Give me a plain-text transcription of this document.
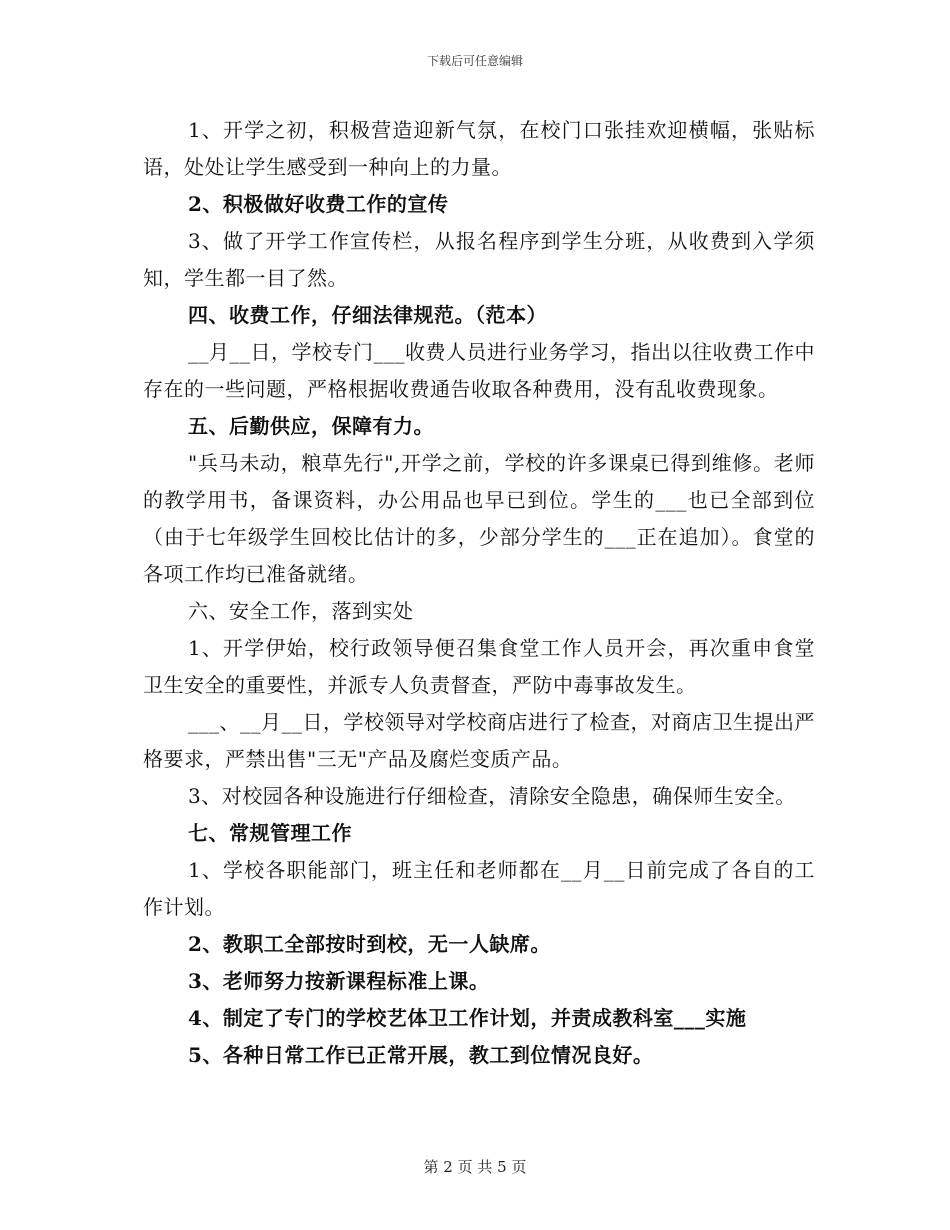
下载后可任意编辑

1、开学之初，积极营造迎新气氛，在校门口张挂欢迎横幅，张贴标语，处处让学生感受到一种向上的力量。

2、积极做好收费工作的宣传

3、做了开学工作宣传栏，从报名程序到学生分班，从收费到入学须知，学生都一目了然。

四、收费工作，仔细法律规范。（范本）

__月__日，学校专门___收费人员进行业务学习，指出以往收费工作中存在的一些问题，严格根据收费通告收取各种费用，没有乱收费现象。

五、后勤供应，保障有力。

"兵马未动，粮草先行",开学之前，学校的许多课桌已得到维修。老师的教学用书，备课资料，办公用品也早已到位。学生的___也已全部到位（由于七年级学生回校比估计的多，少部分学生的___正在追加）。食堂的各项工作均已准备就绪。

六、安全工作，落到实处

1、开学伊始，校行政领导便召集食堂工作人员开会，再次重申食堂卫生安全的重要性，并派专人负责督查，严防中毒事故发生。

___、__月__日，学校领导对学校商店进行了检查，对商店卫生提出严格要求，严禁出售"三无"产品及腐烂变质产品。

3、对校园各种设施进行仔细检查，清除安全隐患，确保师生安全。

七、常规管理工作

1、学校各职能部门，班主任和老师都在__月__日前完成了各自的工作计划。

2、教职工全部按时到校，无一人缺席。

3、老师努力按新课程标准上课。

4、制定了专门的学校艺体卫工作计划，并责成教科室___实施

5、各种日常工作已正常开展，教工到位情况良好。

第 2 页 共 5 页
